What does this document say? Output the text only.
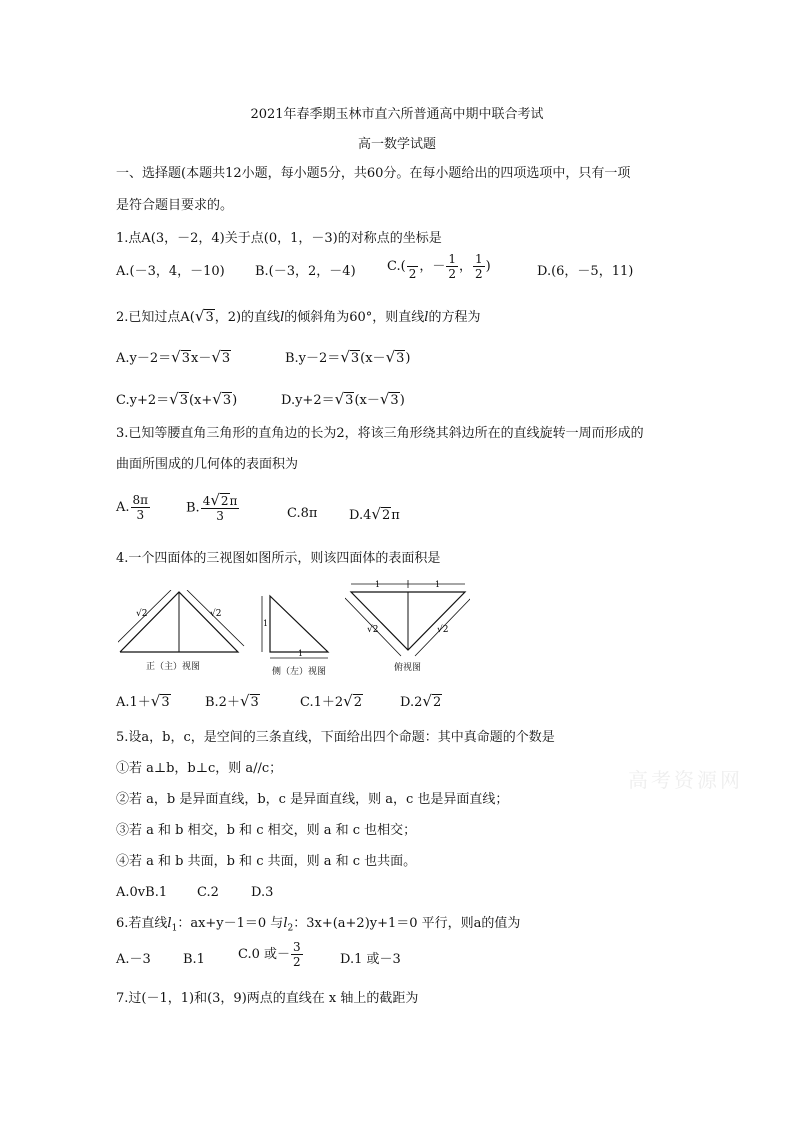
2021年春季期玉林市直六所普通高中期中联合考试
高一数学试题
一、选择题(本题共12小题，每小题5分，共60分。在每小题给出的四项选项中，只有一项
是符合题目要求的。
1.点A(3，－2，4)关于点(0，1，－3)的对称点的坐标是
A.(－3，4，－10) B.(－3，2，－4) C.( 2 ，－ $\frac{1}{2}$ ， $\frac{1}{2}$ )	D.(6，－5，11)
2.已知过点A(√3，2)的直线l的倾斜角为60°，则直线l的方程为
A.y－2＝√3x－√3	B.y－2＝√3(x－√3)
C.y+2＝√3(x+√3)	D.y+2＝√3(x－√3)
3.已知等腰直角三角形的直角边的长为2，将该三角形绕其斜边所在的直线旋转一周而形成的
曲面所围成的几何体的表面积为
A. $\frac{8\pi}{3}$	B. $\frac{4√2\pi}{3}$	C.8π D.4√2π
4.一个四面体的三视图如图所示，则该四面体的表面积是
√2	√2
正（主）视图
1
1
侧（左）视图
1	1
√2	√2
俯视图
A.1＋√3	B.2＋√3	C.1＋2√2	D.2√2
5.设a，b，c，是空间的三条直线，下面给出四个命题：其中真命题的个数是
①若 a⊥b，b⊥c，则 a//c；
②若 a，b 是异面直线，b，c 是异面直线，则 a，c 也是异面直线；
③若 a 和 b 相交，b 和 c 相交，则 a 和 c 也相交；
④若 a 和 b 共面，b 和 c 共面，则 a 和 c 也共面。
A.0vB.1 C.2 D.3
高考资源网
6.若直线$l_1$：ax+y－1＝0 与$l_2$：3x+(a+2)y+1＝0 平行，则a的值为
A.－3 B.1	C.0 或－ $\frac{3}{2}$	D.1 或－3
7.过(－1，1)和(3，9)两点的直线在 x 轴上的截距为
